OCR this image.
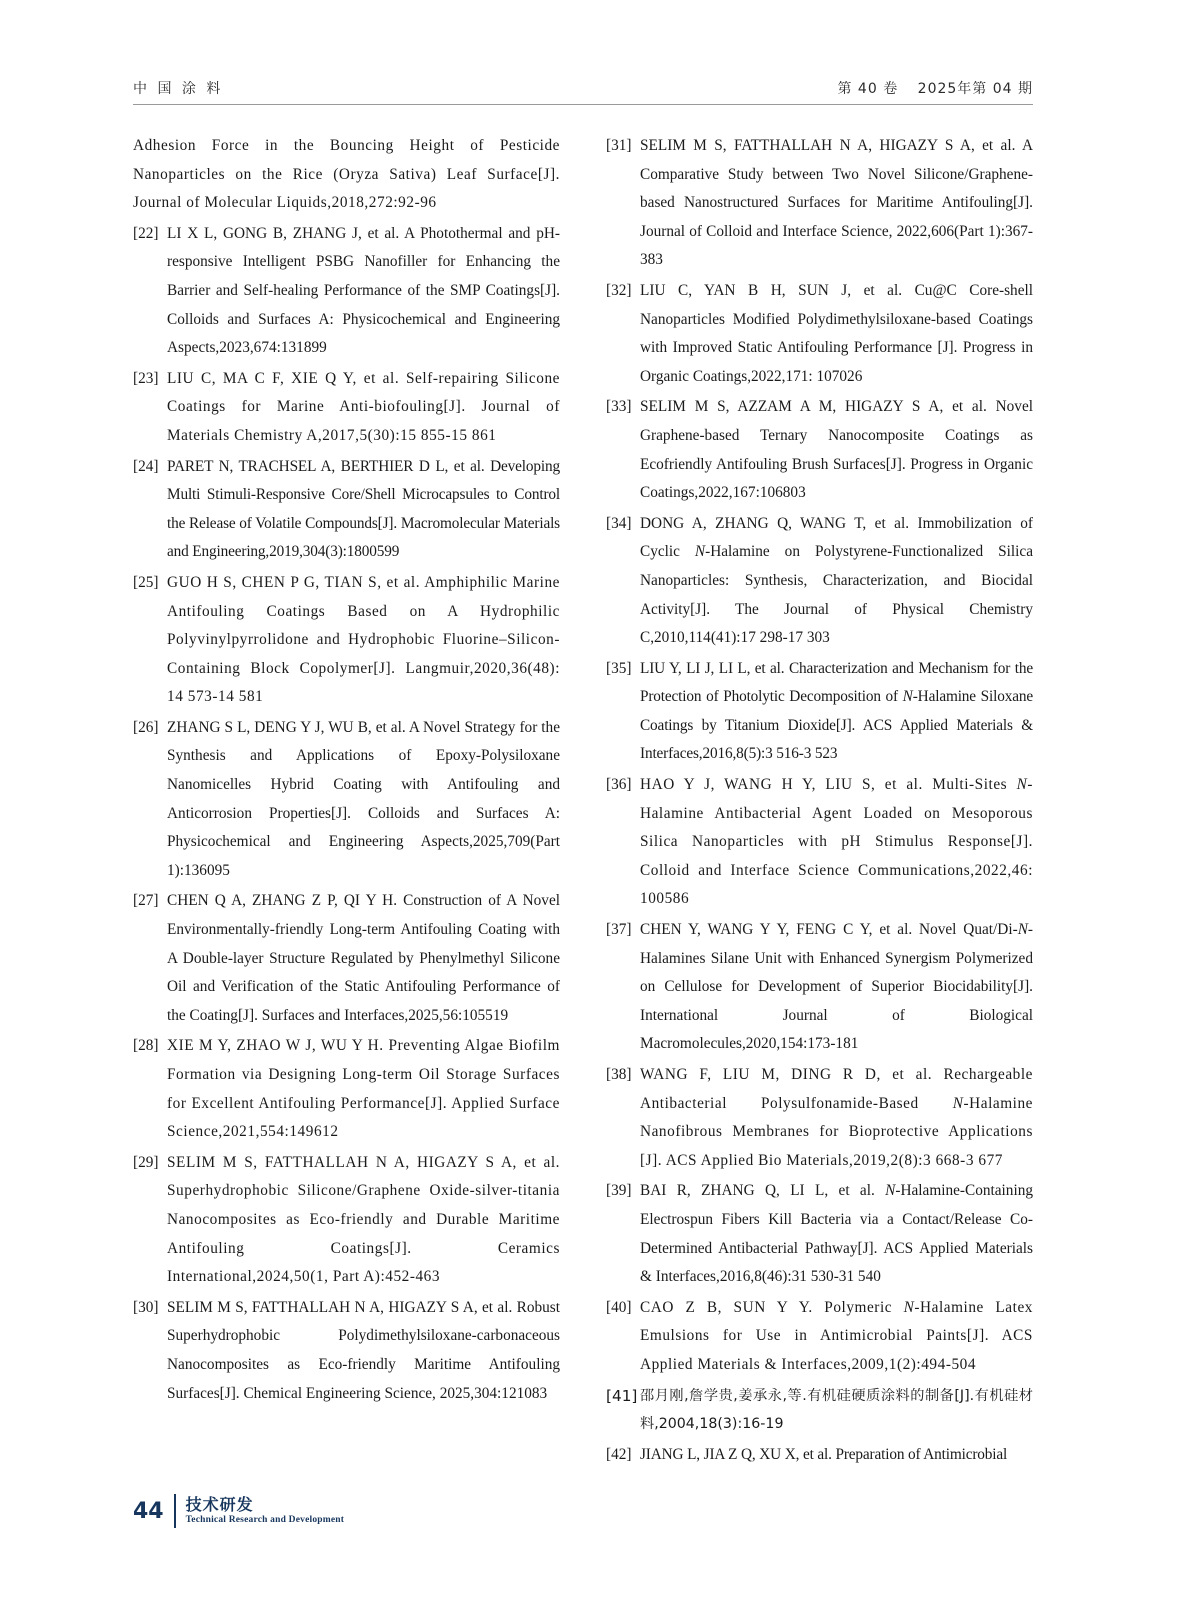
中 国 涂 料	第 40 卷 2025年第 04 期
Adhesion Force in the Bouncing Height of Pesticide Nanoparticles on the Rice (Oryza Sativa) Leaf Surface[J]. Journal of Molecular Liquids,2018,272:92-96
[22] LI X L, GONG B, ZHANG J, et al. A Photothermal and pH-responsive Intelligent PSBG Nanofiller for Enhancing the Barrier and Self-healing Performance of the SMP Coatings[J]. Colloids and Surfaces A: Physicochemical and Engineering Aspects,2023,674:131899
[23] LIU C, MA C F, XIE Q Y, et al. Self-repairing Silicone Coatings for Marine Anti-biofouling[J]. Journal of Materials Chemistry A,2017,5(30):15 855-15 861
[24] PARET N, TRACHSEL A, BERTHIER D L, et al. Developing Multi Stimuli-Responsive Core/Shell Microcapsules to Control the Release of Volatile Compounds[J]. Macromolecular Materials and Engineering,2019,304(3):1800599
[25] GUO H S, CHEN P G, TIAN S, et al. Amphiphilic Marine Antifouling Coatings Based on A Hydrophilic Polyvinylpyrrolidone and Hydrophobic Fluorine–Silicon-Containing Block Copolymer[J]. Langmuir,2020,36(48): 14 573-14 581
[26] ZHANG S L, DENG Y J, WU B, et al. A Novel Strategy for the Synthesis and Applications of Epoxy-Polysiloxane Nanomicelles Hybrid Coating with Antifouling and Anticorrosion Properties[J]. Colloids and Surfaces A: Physicochemical and Engineering Aspects,2025,709(Part 1):136095
[27] CHEN Q A, ZHANG Z P, QI Y H. Construction of A Novel Environmentally-friendly Long-term Antifouling Coating with A Double-layer Structure Regulated by Phenylmethyl Silicone Oil and Verification of the Static Antifouling Performance of the Coating[J]. Surfaces and Interfaces,2025,56:105519
[28] XIE M Y, ZHAO W J, WU Y H. Preventing Algae Biofilm Formation via Designing Long-term Oil Storage Surfaces for Excellent Antifouling Performance[J]. Applied Surface Science,2021,554:149612
[29] SELIM M S, FATTHALLAH N A, HIGAZY S A, et al. Superhydrophobic Silicone/Graphene Oxide-silver-titania Nanocomposites as Eco-friendly and Durable Maritime Antifouling Coatings[J]. Ceramics International,2024,50(1, Part A):452-463
[30] SELIM M S, FATTHALLAH N A, HIGAZY S A, et al. Robust Superhydrophobic Polydimethylsiloxane-carbonaceous Nanocomposites as Eco-friendly Maritime Antifouling Surfaces[J]. Chemical Engineering Science, 2025,304:121083
[31] SELIM M S, FATTHALLAH N A, HIGAZY S A, et al. A Comparative Study between Two Novel Silicone/Graphene-based Nanostructured Surfaces for Maritime Antifouling[J]. Journal of Colloid and Interface Science, 2022,606(Part 1):367-383
[32] LIU C, YAN B H, SUN J, et al. Cu@C Core-shell Nanoparticles Modified Polydimethylsiloxane-based Coatings with Improved Static Antifouling Performance [J]. Progress in Organic Coatings,2022,171: 107026
[33] SELIM M S, AZZAM A M, HIGAZY S A, et al. Novel Graphene-based Ternary Nanocomposite Coatings as Ecofriendly Antifouling Brush Surfaces[J]. Progress in Organic Coatings,2022,167:106803
[34] DONG A, ZHANG Q, WANG T, et al. Immobilization of Cyclic N-Halamine on Polystyrene-Functionalized Silica Nanoparticles: Synthesis, Characterization, and Biocidal Activity[J]. The Journal of Physical Chemistry C,2010,114(41):17 298-17 303
[35] LIU Y, LI J, LI L, et al. Characterization and Mechanism for the Protection of Photolytic Decomposition of N-Halamine Siloxane Coatings by Titanium Dioxide[J]. ACS Applied Materials & Interfaces,2016,8(5):3 516-3 523
[36] HAO Y J, WANG H Y, LIU S, et al. Multi-Sites N-Halamine Antibacterial Agent Loaded on Mesoporous Silica Nanoparticles with pH Stimulus Response[J]. Colloid and Interface Science Communications,2022,46: 100586
[37] CHEN Y, WANG Y Y, FENG C Y, et al. Novel Quat/Di-N-Halamines Silane Unit with Enhanced Synergism Polymerized on Cellulose for Development of Superior Biocidability[J]. International Journal of Biological Macromolecules,2020,154:173-181
[38] WANG F, LIU M, DING R D, et al. Rechargeable Antibacterial Polysulfonamide-Based N-Halamine Nanofibrous Membranes for Bioprotective Applications [J]. ACS Applied Bio Materials,2019,2(8):3 668-3 677
[39] BAI R, ZHANG Q, LI L, et al. N-Halamine-Containing Electrospun Fibers Kill Bacteria via a Contact/Release Co-Determined Antibacterial Pathway[J]. ACS Applied Materials & Interfaces,2016,8(46):31 530-31 540
[40] CAO Z B, SUN Y Y. Polymeric N-Halamine Latex Emulsions for Use in Antimicrobial Paints[J]. ACS Applied Materials & Interfaces,2009,1(2):494-504
[41] 邵月刚,詹学贵,姜承永,等.有机硅硬质涂料的制备[J].有机硅材料,2004,18(3):16-19
[42] JIANG L, JIA Z Q, XU X, et al. Preparation of Antimicrobial
44 技术研发
Technical Research and Development
